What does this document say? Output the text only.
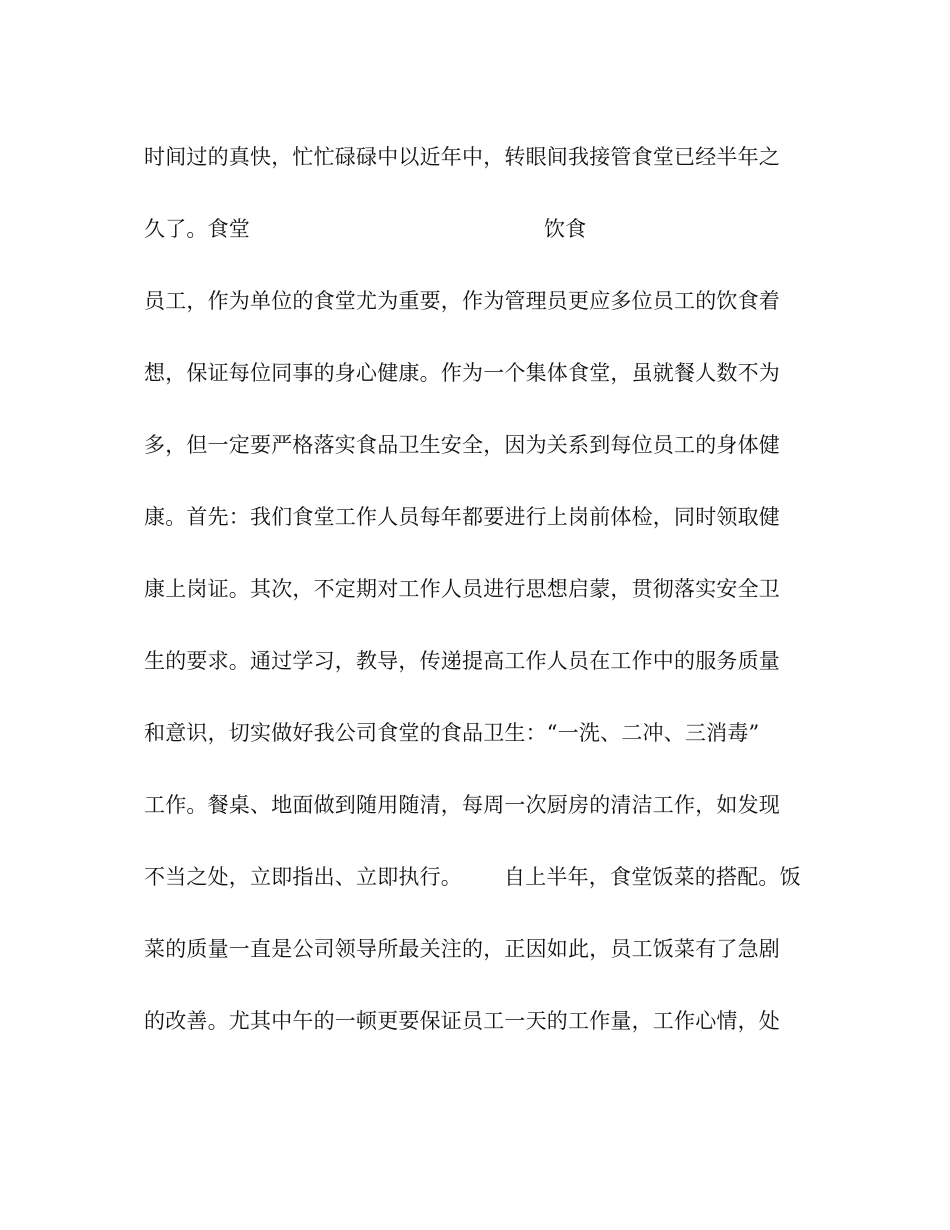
时间过的真快，忙忙碌碌中以近年中，转眼间我接管食堂已经半年之
久了。食堂	饮食
员工，作为单位的食堂尤为重要，作为管理员更应多位员工的饮食着
想，保证每位同事的身心健康。作为一个集体食堂，虽就餐人数不为
多，但一定要严格落实食品卫生安全，因为关系到每位员工的身体健
康。首先：我们食堂工作人员每年都要进行上岗前体检，同时领取健
康上岗证。其次，不定期对工作人员进行思想启蒙，贯彻落实安全卫
生的要求。通过学习，教导，传递提高工作人员在工作中的服务质量
和意识，切实做好我公司食堂的食品卫生：“一洗、二冲、三消毒”
工作。餐桌、地面做到随用随清，每周一次厨房的清洁工作，如发现
不当之处，立即指出、立即执行。 自上半年，食堂饭菜的搭配。饭
菜的质量一直是公司领导所最关注的，正因如此，员工饭菜有了急剧
的改善。尤其中午的一顿更要保证员工一天的工作量，工作心情，处
